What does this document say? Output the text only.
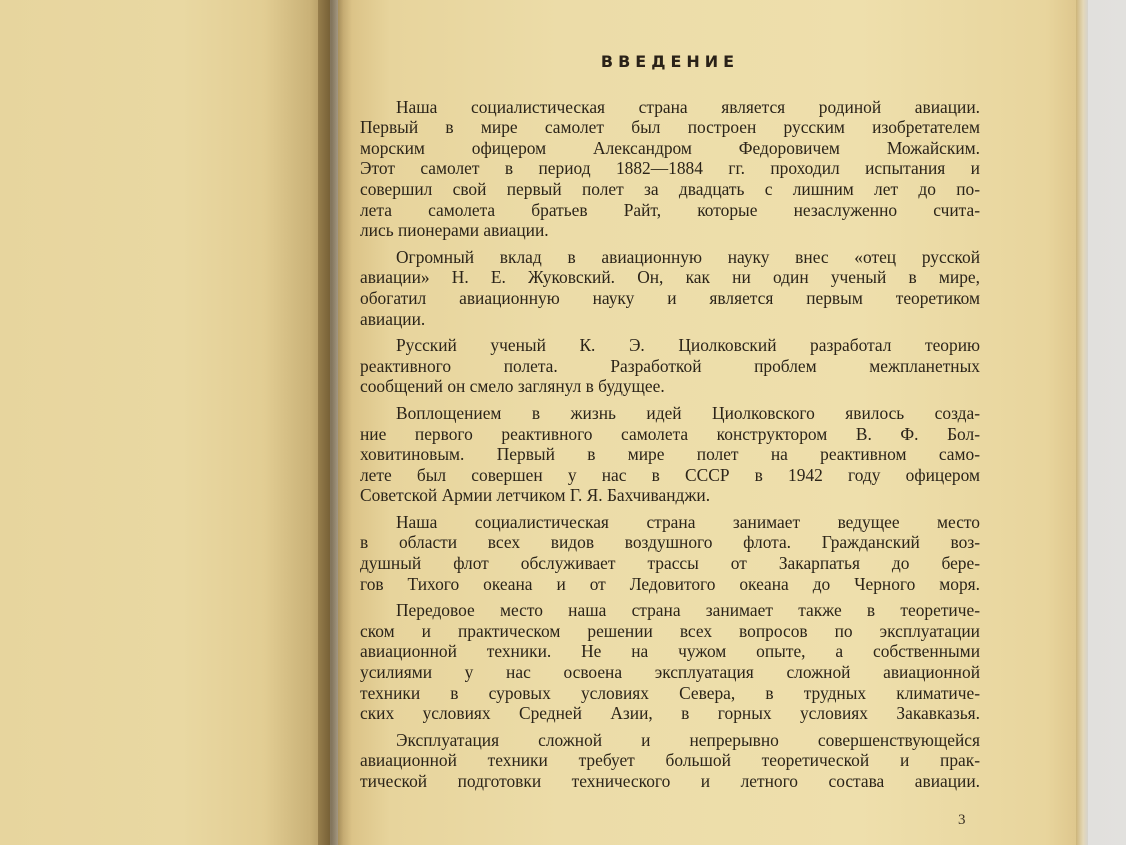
ВВЕДЕНИЕ
Наша социалистическая страна является родиной авиации.
Первый в мире самолет был построен русским изобретателем
морским офицером Александром Федоровичем Можайским.
Этот самолет в период 1882—1884 гг. проходил испытания и
совершил свой первый полет за двадцать с лишним лет до по-
лета самолета братьев Райт, которые незаслуженно счита-
лись пионерами авиации.
Огромный вклад в авиационную науку внес «отец русской
авиации» Н. Е. Жуковский. Он, как ни один ученый в мире,
обогатил авиационную науку и является первым теоретиком
авиации.
Русский ученый К. Э. Циолковский разработал теорию
реактивного полета. Разработкой проблем межпланетных
сообщений он смело заглянул в будущее.
Воплощением в жизнь идей Циолковского явилось созда-
ние первого реактивного самолета конструктором В. Ф. Бол-
ховитиновым. Первый в мире полет на реактивном само-
лете был совершен у нас в СССР в 1942 году офицером
Советской Армии летчиком Г. Я. Бахчиванджи.
Наша социалистическая страна занимает ведущее место
в области всех видов воздушного флота. Гражданский воз-
душный флот обслуживает трассы от Закарпатья до бере-
гов Тихого океана и от Ледовитого океана до Черного моря.
Передовое место наша страна занимает также в теоретиче-
ском и практическом решении всех вопросов по эксплуатации
авиационной техники. Не на чужом опыте, а собственными
усилиями у нас освоена эксплуатация сложной авиационной
техники в суровых условиях Севера, в трудных климатиче-
ских условиях Средней Азии, в горных условиях Закавказья.
Эксплуатация сложной и непрерывно совершенствующейся
авиационной техники требует большой теоретической и прак-
тической подготовки технического и летного состава авиации.
3
